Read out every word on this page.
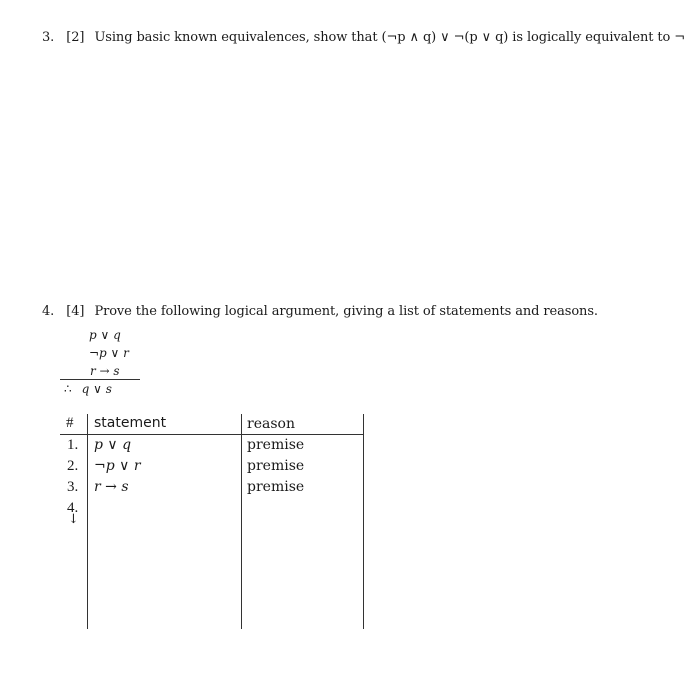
3. [2] Using basic known equivalences, show that (¬p ∧ q) ∨ ¬(p ∨ q) is logically equivalent to ¬
4. [4] Prove the following logical argument, giving a list of statements and reasons.
p ∨ q
¬p ∨ r
r → s
∴ q ∨ s
# statement	reason
1. p ∨ q	premise
2. ¬p ∨ r	premise
3. r → s	premise
4.
↓
